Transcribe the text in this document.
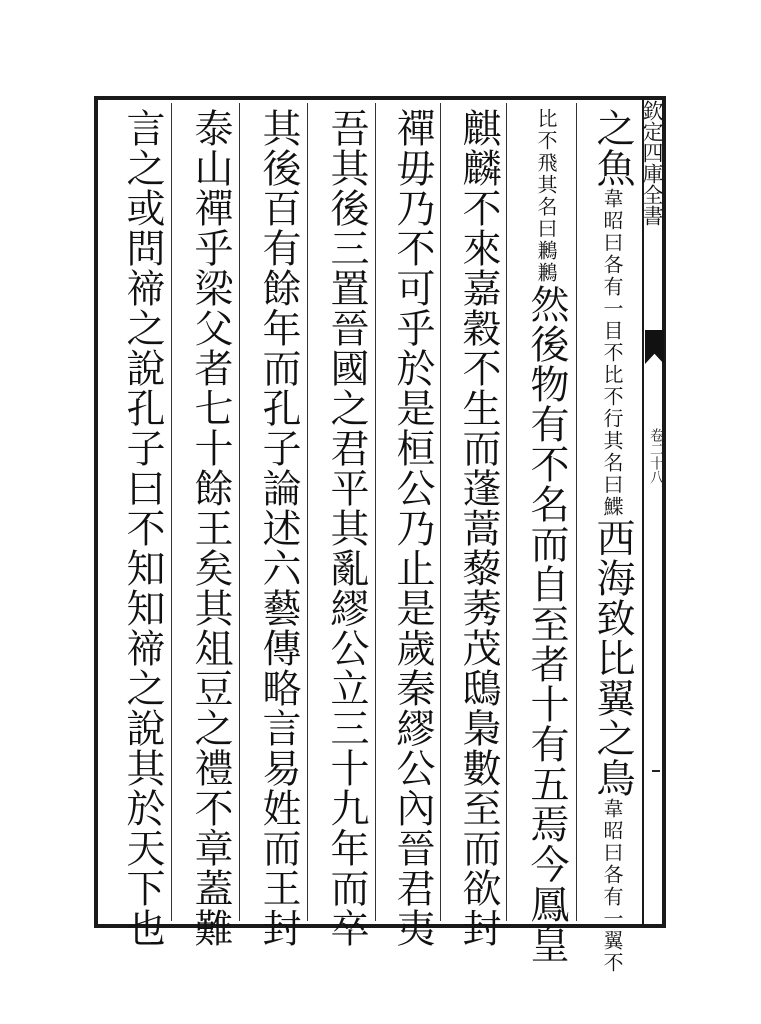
欽定四庫全書
卷二十八
之魚
韋昭曰各有一目不
比不行其名曰鰈
西海致比翼之鳥
韋昭曰各
有一翼不
比不飛其
名曰鶼鶼
然後物有不名而自至者十有五焉今鳳皇
麒麟不來嘉穀不生而蓬蒿藜莠茂鴟梟數至而欲封
禪毋乃不可乎於是桓公乃止是歲秦繆公內晉君夷
吾其後三置晉國之君平其亂繆公立三十九年而卒
其後百有餘年而孔子論述六藝傳略言易姓而王封
泰山禪乎梁父者七十餘王矣其俎豆之禮不章蓋難
言之或問禘之說孔子曰不知知禘之說其於天下也
